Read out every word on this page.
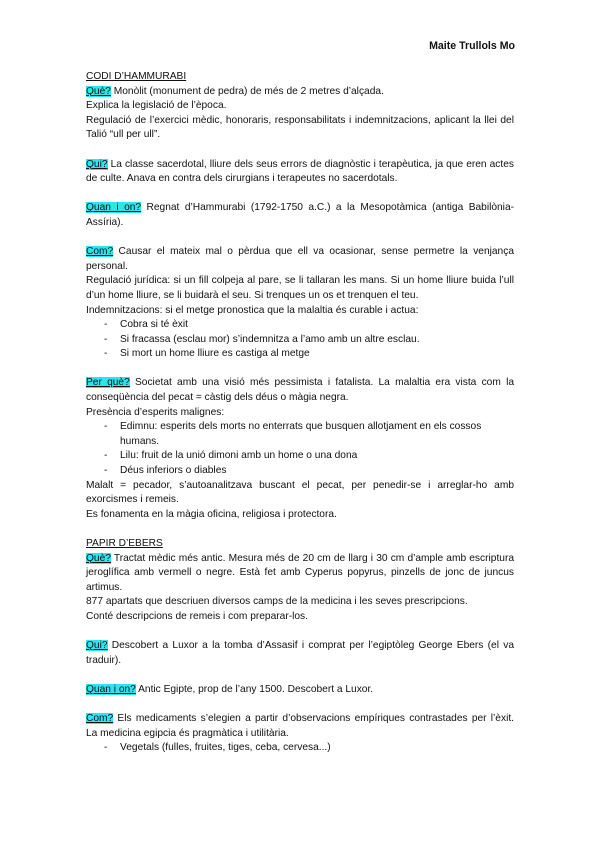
Maite Trullols Mo

CODI D’HAMMURABI

Què? Monòlit (monument de pedra) de més de 2 metres d’alçada.

Explica la legislació de l’època.

Regulació de l’exercici mèdic, honoraris, responsabilitats i indemnitzacions, aplicant la llei del Talió “ull per ull”.

Qui? La classe sacerdotal, lliure dels seus errors de diagnòstic i terapèutica, ja que eren actes de culte. Anava en contra dels cirurgians i terapeutes no sacerdotals.

Quan i on? Regnat d’Hammurabi (1792-1750 a.C.) a la Mesopotàmica (antiga Babilònia-Assíria).

Com? Causar el mateix mal o pèrdua que ell va ocasionar, sense permetre la venjança personal.

Regulació jurídica: si un fill colpeja al pare, se li tallaran les mans. Si un home lliure buida l’ull d’un home lliure, se li buidarà el seu. Si trenques un os et trenquen el teu.

Indemnitzacions: si el metge pronostica que la malaltia és curable i actua:

- Cobra si té èxit
- Si fracassa (esclau mor) s’indemnitza a l’amo amb un altre esclau.
- Si mort un home lliure es castiga al metge

Per què? Societat amb una visió més pessimista i fatalista. La malaltia era vista com la conseqüència del pecat = càstig dels déus o màgia negra.

Presència d’esperits malignes:

- Edimnu: esperits dels morts no enterrats que busquen allotjament en els cossos humans.
- Lilu: fruit de la unió dimoni amb un home o una dona
- Déus inferiors o diables

Malalt = pecador, s’autoanalitzava buscant el pecat, per penedir-se i arreglar-ho amb exorcismes i remeis.

Es fonamenta en la màgia oficina, religiosa i protectora.

PAPIR D’EBERS

Què? Tractat mèdic més antic. Mesura més de 20 cm de llarg i 30 cm d’ample amb escriptura jeroglífica amb vermell o negre. Està fet amb Cyperus popyrus, pinzells de jonc de juncus artimus.

877 apartats que descriuen diversos camps de la medicina i les seves prescripcions.

Conté descripcions de remeis i com preparar-los.

Qui? Descobert a Luxor a la tomba d’Assasif i comprat per l’egiptòleg George Ebers (el va traduir).

Quan i on? Antic Egipte, prop de l’any 1500. Descobert a Luxor.

Com? Els medicaments s’elegien a partir d’observacions empíriques contrastades per l’èxit. La medicina egipcia és pragmàtica i utilitària.

- Vegetals (fulles, fruites, tiges, ceba, cervesa...)
